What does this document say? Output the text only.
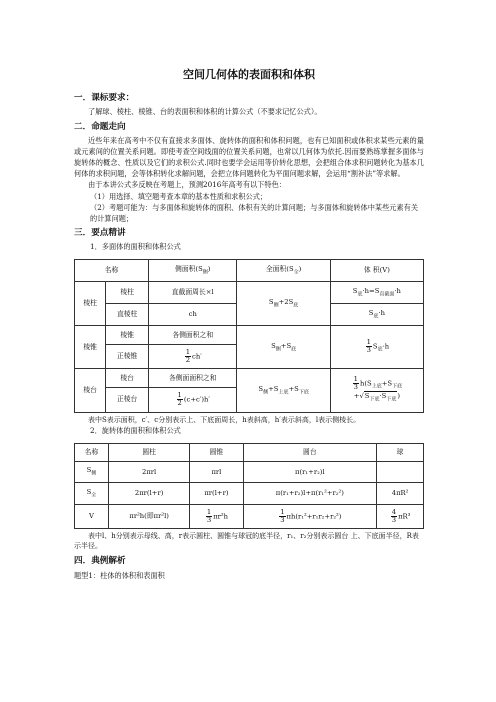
空间几何体的表面积和体积
一．课标要求：

了解球、棱柱、棱锥、台的表面积和体积的计算公式（不要求记忆公式）。

二．命题走向

近些年来在高考中不仅有直接求多面体、旋转体的面积和体积问题，也有已知面积或体积求某些元素的量或元素间的位置关系问题。即使考查空间线面的位置关系问题，也常以几何体为依托.因而要熟练掌握多面体与旋转体的概念、性质以及它们的求积公式.同时也要学会运用等价转化思想，会把组合体求积问题转化为基本几何体的求积问题，会等体积转化求解问题，会把立体问题转化为平面问题求解，会运用“割补法”等求解。

由于本讲公式多反映在考题上，预测2016年高考有以下特色：

（1）用选择、填空题考查本章的基本性质和求积公式；

（2）考题可能为：与多面体和旋转体的面积、体积有关的计算问题；与多面体和旋转体中某些元素有关的计算问题；

三．要点精讲

1．多面体的面积和体积公式

名称		侧面积$(S_侧)$	全面积$(S_全)$	体 积(V)
棱柱	棱柱	直截面周长×l	$S_侧+2S_底$	$S_底\cdot h=S_{直截面}\cdot h$
	直棱柱	ch		$S_底\cdot h$
棱锥	棱锥	各侧面积之和	$S_侧+S_底$	$\frac{1}{3} S_底\cdot h$
	正棱锥	$\frac{1}{2} ch'$		
棱台	棱台	各侧面面积之和	$S_侧+S_{上底}+S_{下底}$	$\frac{1}{3} h(S_{上底}+S_{下底}$
$+√S_{下底}\cdot S_{下底}$)

	正棱台	$\frac{1}{2} (c+c')h'$		

表中S表示面积，c′、c分别表示上、下底面周长，h表斜高，h′表示斜高，l表示侧棱长。

2．旋转体的面积和体积公式

名称	圆柱	圆锥	圆台	球
$S_侧$	2πrl	πrl	π(r₁+r₂)l	
$S_全$	2πr(l+r)	πr(l+r)	π(r₁+r₂)l+π(r₁²+r₂²)	4πR²
V	πr²h(即πr²l)	$\frac{1}{3} \pi r^2h$	$\frac{1}{3} \pi h(r_1^2+r_1r_2+r_2^2)$	$\frac{4}{3} \pi R^3$

表中l、h分别表示母线、高，r表示圆柱、圆锥与球冠的底半径，r₁、r₂分别表示圆台 上、下底面半径，R表示半径。

四．典例解析

题型1：柱体的体积和表面积
